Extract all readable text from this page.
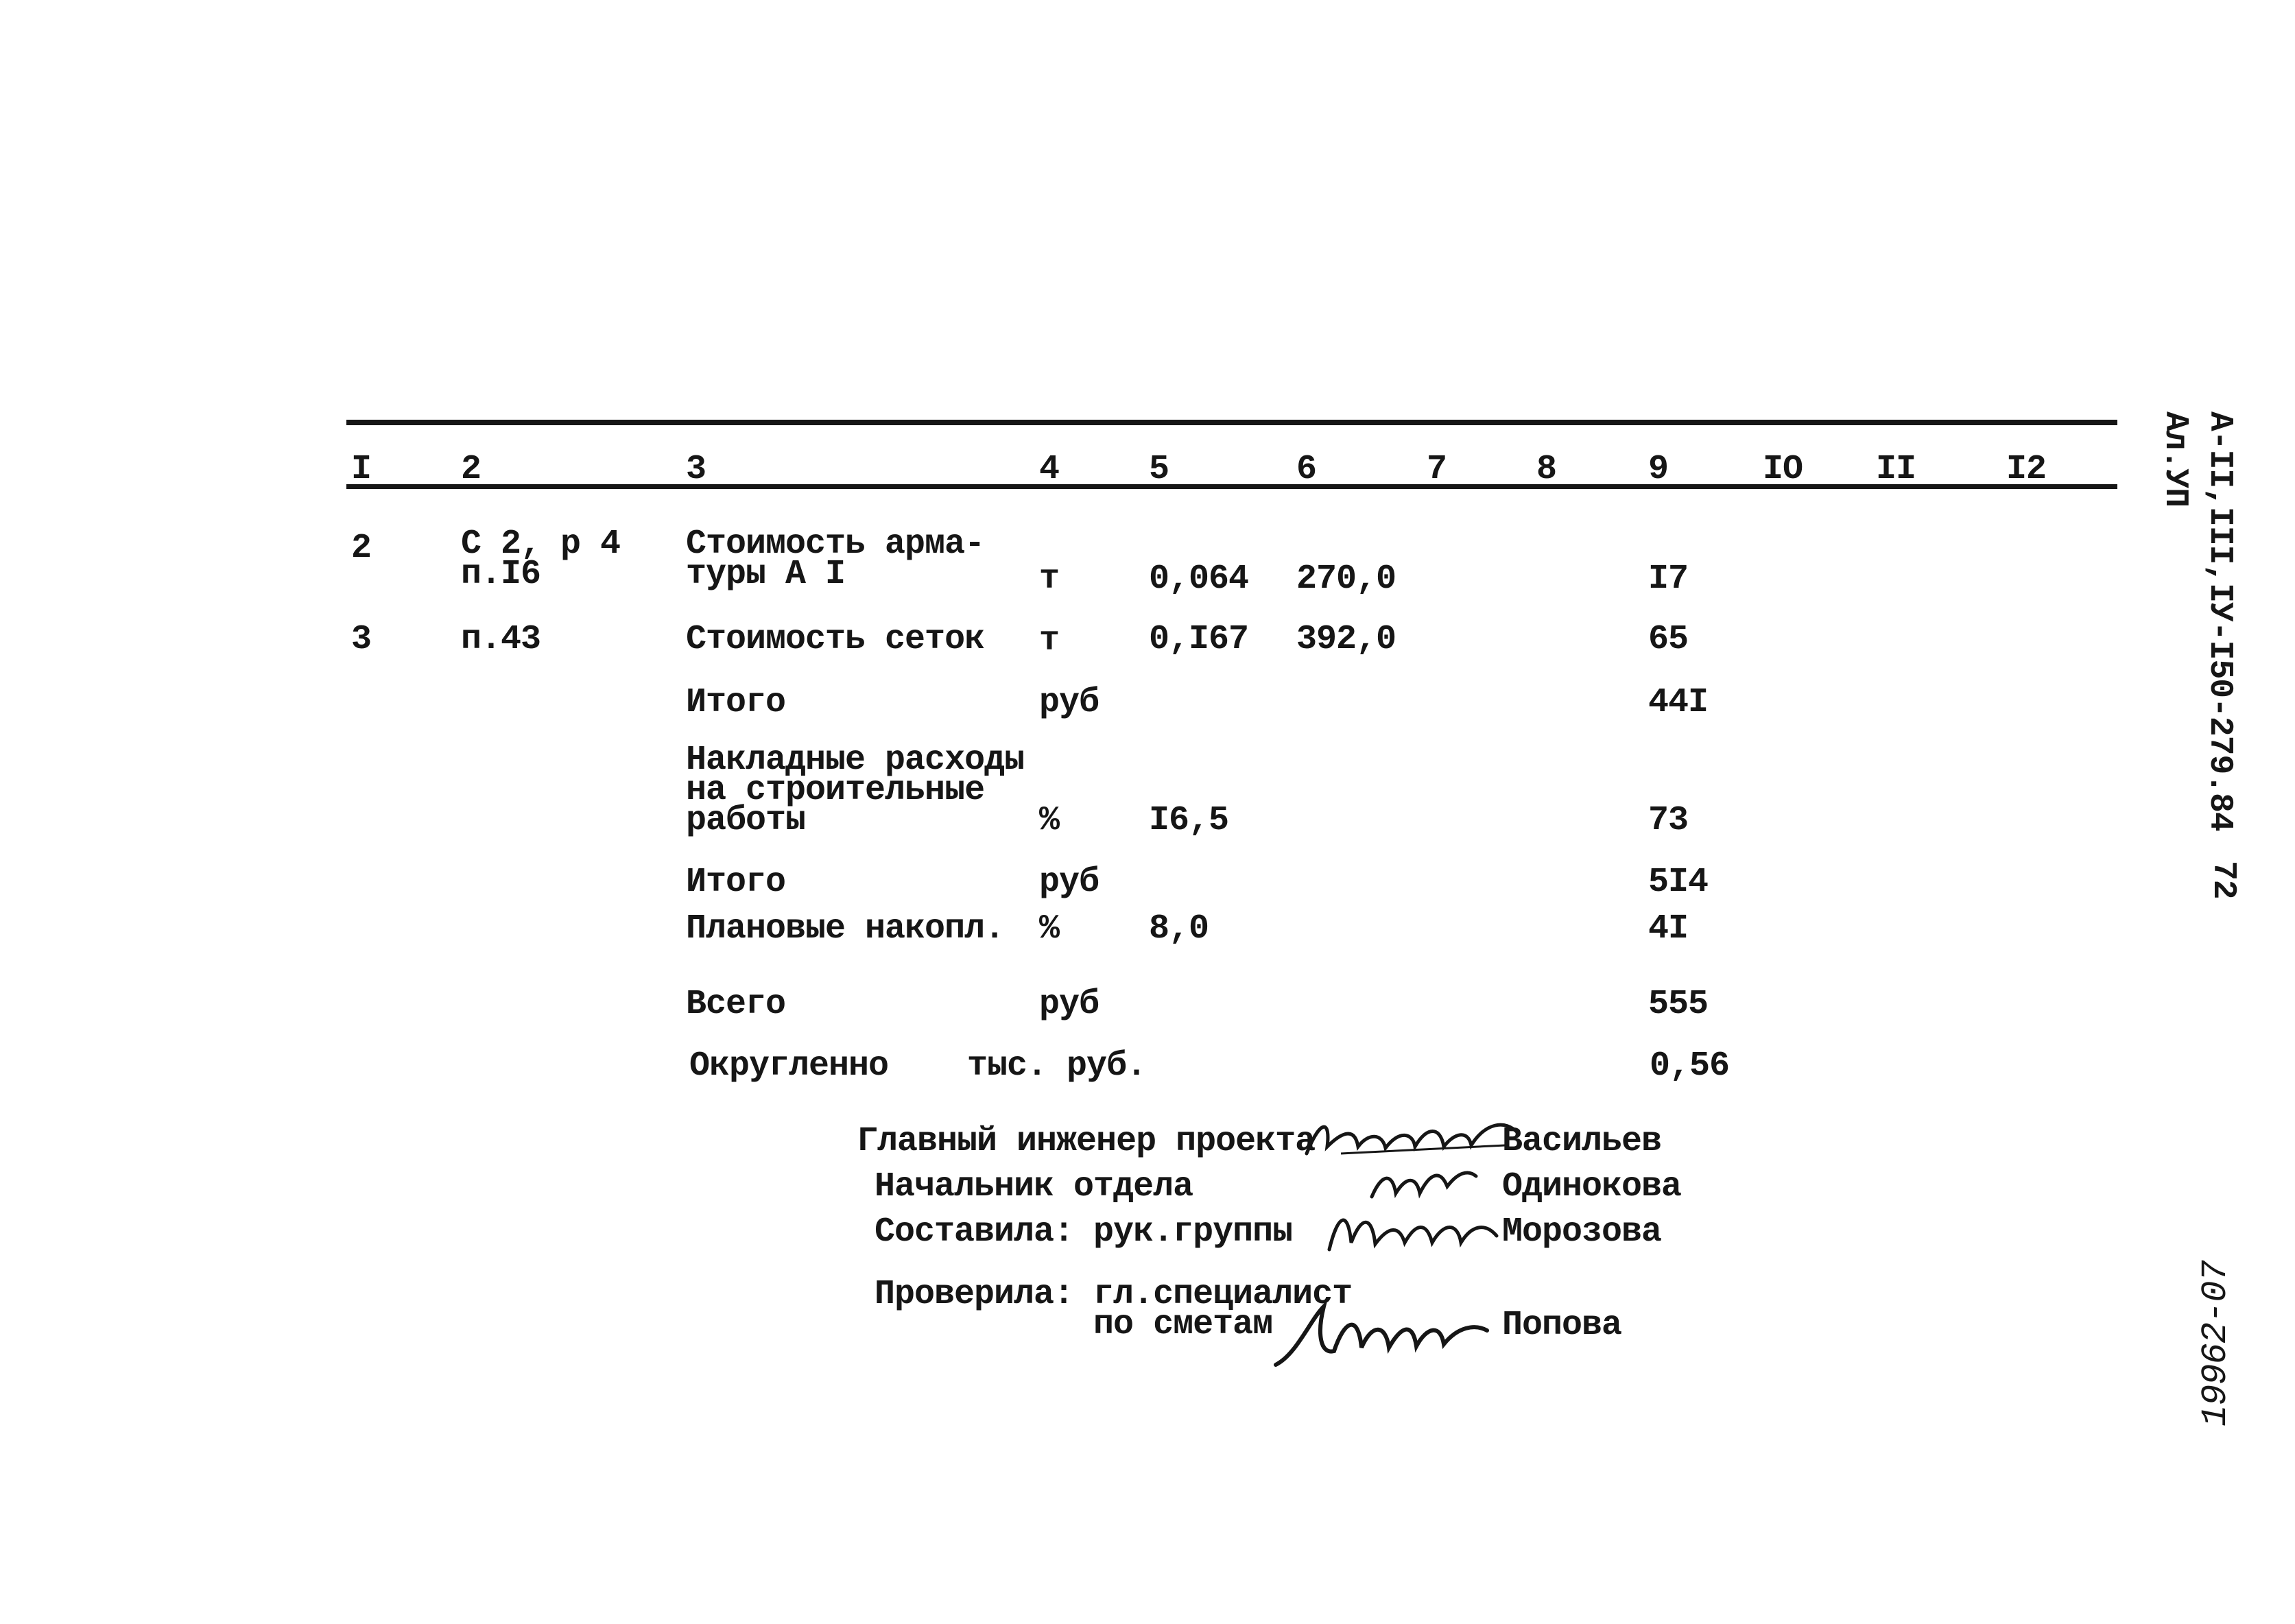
I	2	3	4	5	6	7	8	9	IO II	I2
2	С 2, р 4
п.I6
Стоимость арма-
туры А I	т	0,064 270,0	I7
3	п.43	Стоимость сеток т	0,I67 392,0	65
Итого	руб	44I
Накладные расходы
на строительные
работы	%	I6,5	73
Итого	руб	5I4
Плановые накопл. %	8,0	4I
Всего	руб	555
Округленно тыс. руб.	0,56
Главный инженер проекта	Васильев
Начальник отдела	Одинокова
Составила: рук.группы	Морозова
Проверила: гл.специалист
по сметам	Попова
А-II,III,IУ-I50-279.84
Ал.УП
72
19962-07
